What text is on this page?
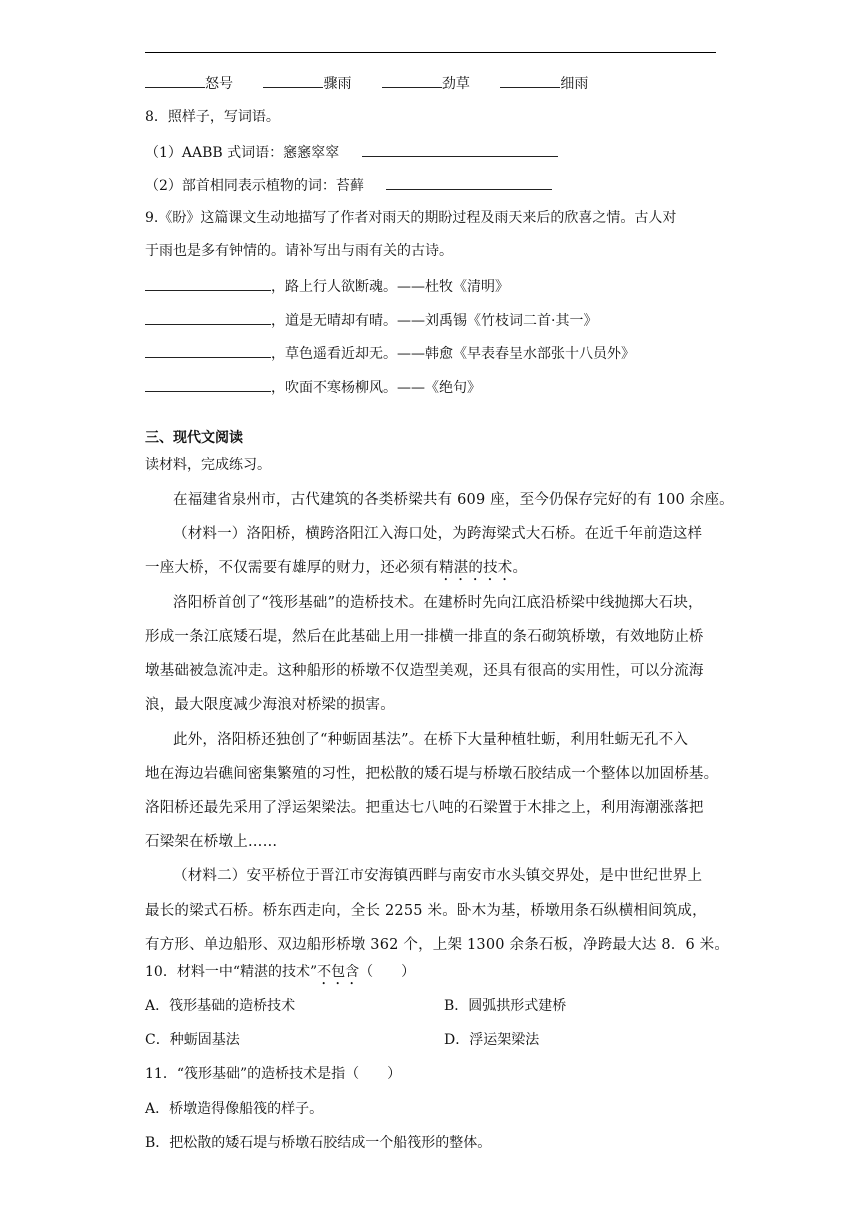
怒号	骤雨	劲草	细雨
8．照样子，写词语。
（1）AABB 式词语：窸窸窣窣
（2）部首相同表示植物的词：苔藓
9.《盼》这篇课文生动地描写了作者对雨天的期盼过程及雨天来后的欣喜之情。古人对
于雨也是多有钟情的。请补写出与雨有关的古诗。
，路上行人欲断魂。——杜牧《清明》
，道是无晴却有晴。——刘禹锡《竹枝词二首·其一》
，草色遥看近却无。——韩愈《早表春呈水部张十八员外》
，吹面不寒杨柳风。——《绝句》
三、现代文阅读
读材料，完成练习。
在福建省泉州市，古代建筑的各类桥梁共有 609 座，至今仍保存完好的有 100 余座。
（材料一）洛阳桥，横跨洛阳江入海口处，为跨海梁式大石桥。在近千年前造这样
一座大桥，不仅需要有雄厚的财力，还必须有精湛的技术。
洛阳桥首创了“筏形基础”的造桥技术。在建桥时先向江底沿桥梁中线抛掷大石块，
形成一条江底矮石堤，然后在此基础上用一排横一排直的条石砌筑桥墩，有效地防止桥
墩基础被急流冲走。这种船形的桥墩不仅造型美观，还具有很高的实用性，可以分流海
浪，最大限度减少海浪对桥梁的损害。
此外，洛阳桥还独创了“种蛎固基法”。在桥下大量种植牡蛎，利用牡蛎无孔不入
地在海边岩礁间密集繁殖的习性，把松散的矮石堤与桥墩石胶结成一个整体以加固桥基。
洛阳桥还最先采用了浮运架梁法。把重达七八吨的石梁置于木排之上，利用海潮涨落把
石梁架在桥墩上……
（材料二）安平桥位于晋江市安海镇西畔与南安市水头镇交界处，是中世纪世界上
最长的梁式石桥。桥东西走向，全长 2255 米。卧木为基，桥墩用条石纵横相间筑成，
有方形、单边船形、双边船形桥墩 362 个，上架 1300 余条石板，净跨最大达 8．6 米。
10．材料一中“精湛的技术”不包含（　　）
A．筏形基础的造桥技术	B．圆弧拱形式建桥
C．种蛎固基法	D．浮运架梁法
11．“筏形基础”的造桥技术是指（　　）
A．桥墩造得像船筏的样子。
B．把松散的矮石堤与桥墩石胶结成一个船筏形的整体。
